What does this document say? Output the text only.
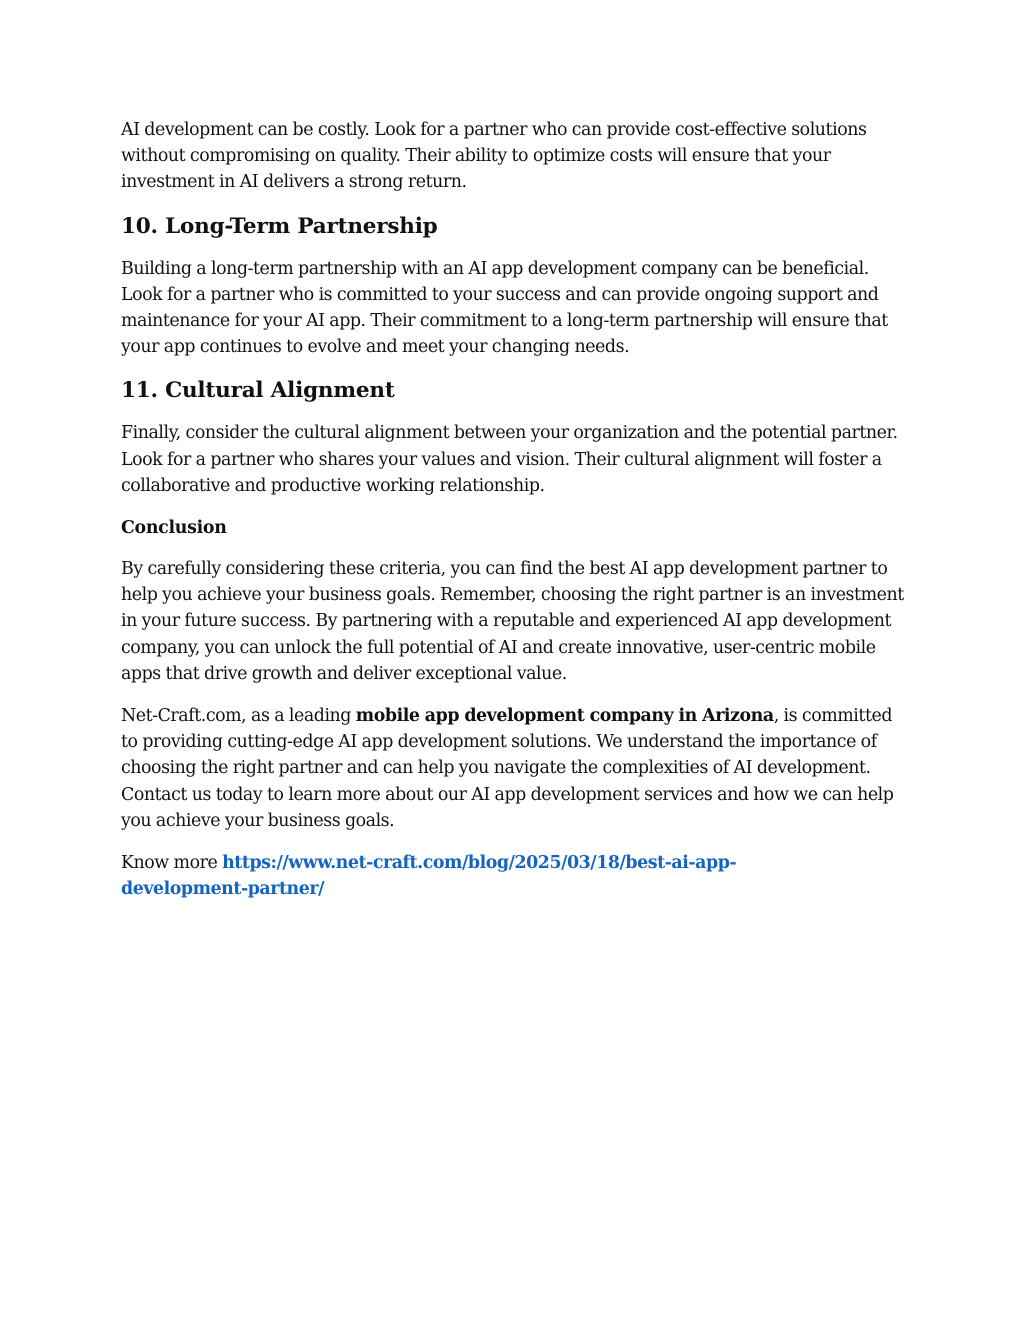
AI development can be costly. Look for a partner who can provide cost-effective solutions without compromising on quality. Their ability to optimize costs will ensure that your investment in AI delivers a strong return.

10. Long-Term Partnership

Building a long-term partnership with an AI app development company can be beneficial. Look for a partner who is committed to your success and can provide ongoing support and maintenance for your AI app. Their commitment to a long-term partnership will ensure that your app continues to evolve and meet your changing needs.

11. Cultural Alignment

Finally, consider the cultural alignment between your organization and the potential partner. Look for a partner who shares your values and vision. Their cultural alignment will foster a collaborative and productive working relationship.

Conclusion

By carefully considering these criteria, you can find the best AI app development partner to help you achieve your business goals. Remember, choosing the right partner is an investment in your future success. By partnering with a reputable and experienced AI app development company, you can unlock the full potential of AI and create innovative, user-centric mobile apps that drive growth and deliver exceptional value.

Net-Craft.com, as a leading mobile app development company in Arizona, is committed to providing cutting-edge AI app development solutions. We understand the importance of choosing the right partner and can help you navigate the complexities of AI development. Contact us today to learn more about our AI app development services and how we can help you achieve your business goals.

Know more https://www.net-craft.com/blog/2025/03/18/best-ai-app-
development-partner/
